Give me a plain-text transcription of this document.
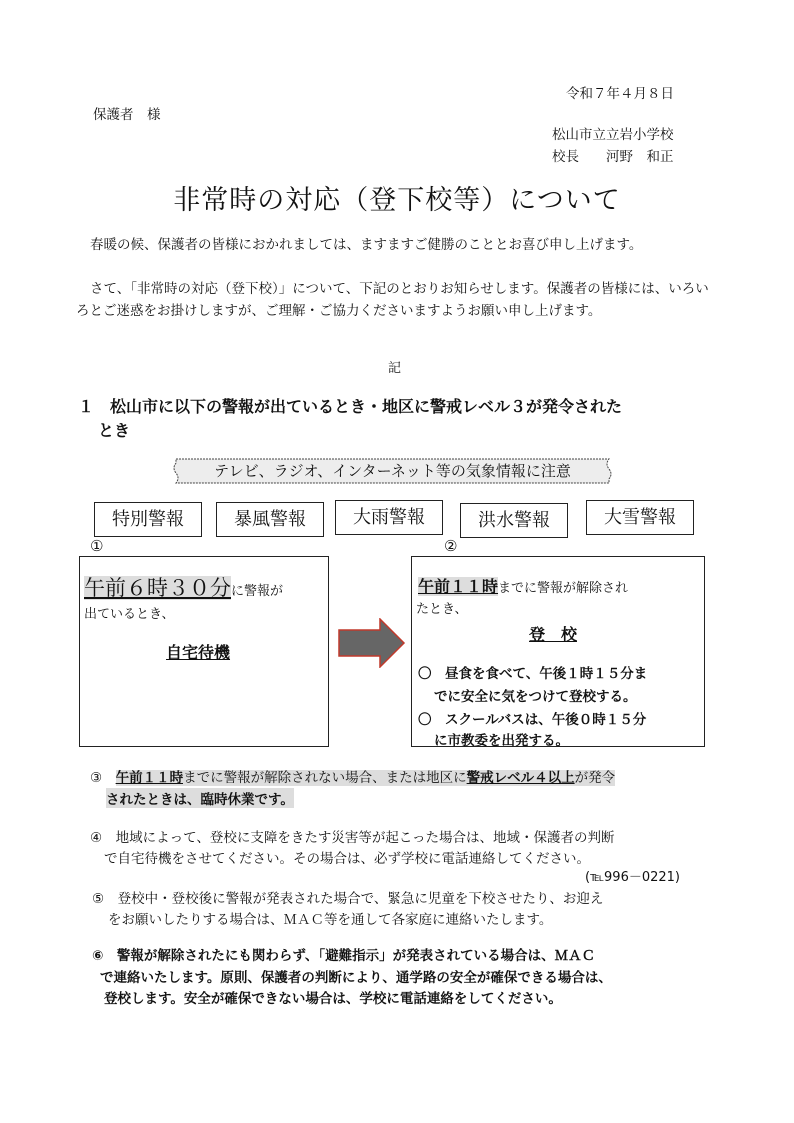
令和７年４月８日
保護者　様
松山市立立岩小学校
校長　　河野　和正
非常時の対応（登下校等）について
春暖の候、保護者の皆様におかれましては、ますますご健勝のこととお喜び申し上げます。
さて、「非常時の対応（登下校）」について、下記のとおりお知らせします。保護者の皆様には、いろいろとご迷惑をお掛けしますが、ご理解・ご協力くださいますようお願い申し上げます。
記
１　松山市に以下の警報が出ているとき・地区に警戒レベル３が発令された
とき
テレビ、ラジオ、インターネット等の気象情報に注意
特別警報	暴風警報	大雨警報	洪水警報	大雪警報
①	②
午前６時３０分に警報が
出ているとき、
自宅待機
午前１１時までに警報が解除され
たとき、
登　校
〇　昼食を食べて、午後１時１５分ま
でに安全に気をつけて登校する。
〇　スクールバスは、午後０時１５分
に市教委を出発する。
③　 午前１１時までに警報が解除されない場合、または地区に警戒レベル４以上が発令
されたときは、臨時休業です。
④　地域によって、登校に支障をきたす災害等が起こった場合は、地域・保護者の判断
で自宅待機をさせてください。その場合は、必ず学校に電話連絡してください。
(℡996－0221)
⑤　登校中・登校後に警報が発表された場合で、緊急に児童を下校させたり、お迎え
をお願いしたりする場合は、ＭＡＣ等を通して各家庭に連絡いたします。
⑥　警報が解除されたにも関わらず、「避難指示」が発表されている場合は、ＭＡＣ
で連絡いたします。原則、保護者の判断により、通学路の安全が確保できる場合は、
登校します。安全が確保できない場合は、学校に電話連絡をしてください。
